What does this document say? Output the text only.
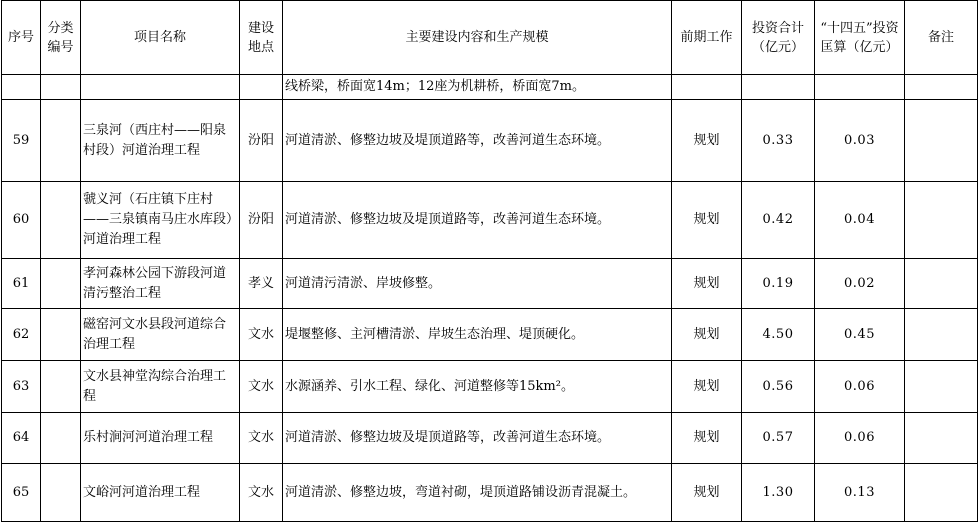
序号	分类编号	项目名称	建设地点	主要建设内容和生产规模	前期工作	投资合计（亿元）	“十四五”投资匡算（亿元）	备注
				线桥梁，桥面宽14m；12座为机耕桥，桥面宽7m。				
59		三泉河（西庄村——阳泉村段）河道治理工程	汾阳	河道清淤、修整边坡及堤顶道路等，改善河道生态环境。	规划	0.33	0.03	
60		虢义河（石庄镇下庄村——三泉镇南马庄水库段）河道治理工程	汾阳	河道清淤、修整边坡及堤顶道路等，改善河道生态环境。	规划	0.42	0.04	
61		孝河森林公园下游段河道清污整治工程	孝义	河道清污清淤、岸坡修整。	规划	0.19	0.02	
62		磁窑河文水县段河道综合治理工程	文水	堤堰整修、主河槽清淤、岸坡生态治理、堤顶硬化。	规划	4.50	0.45	
63		文水县神堂沟综合治理工程	文水	水源涵养、引水工程、绿化、河道整修等15km²。	规划	0.56	0.06	
64		乐村涧河河道治理工程	文水	河道清淤、修整边坡及堤顶道路等，改善河道生态环境。	规划	0.57	0.06	
65		文峪河河道治理工程	文水	河道清淤、修整边坡，弯道衬砌，堤顶道路铺设沥青混凝土。	规划	1.30	0.13	
